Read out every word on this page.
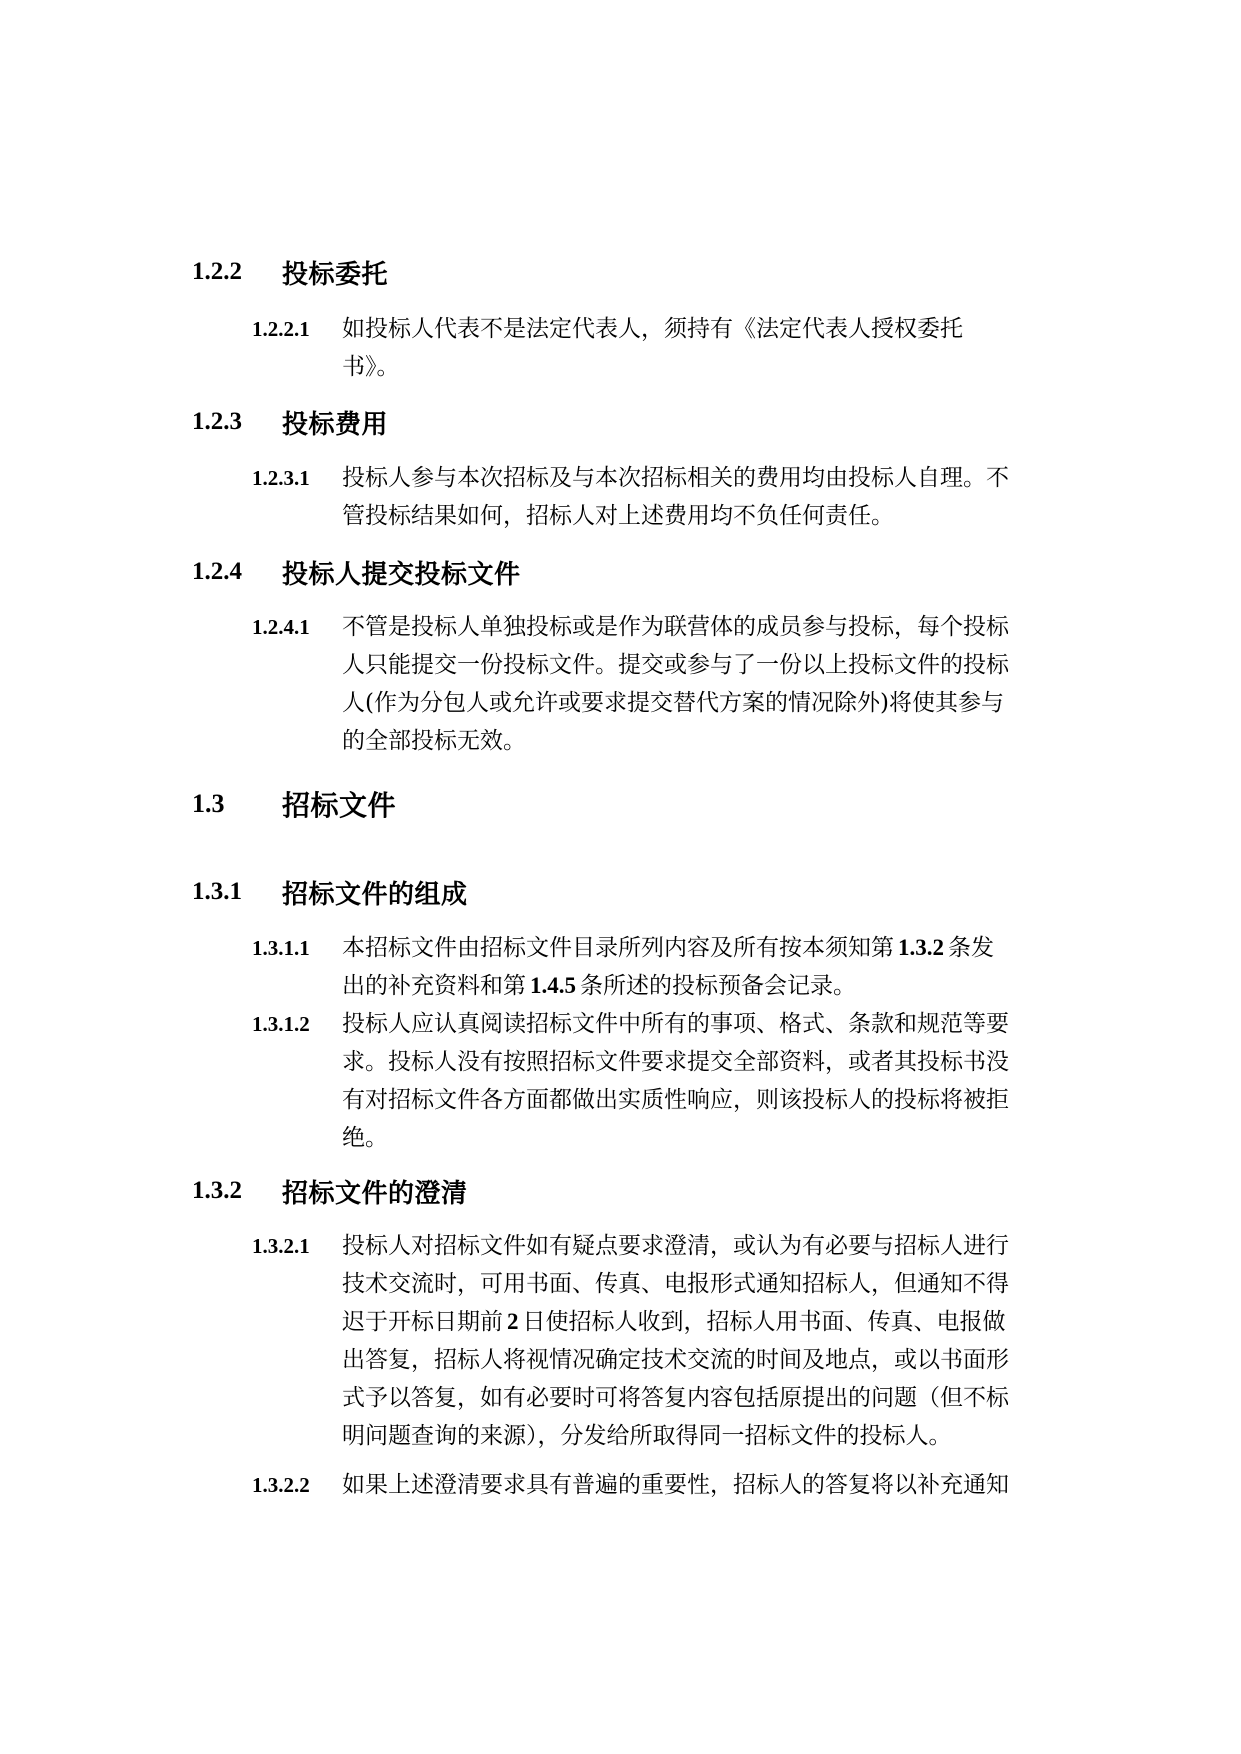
1.2.2	投标委托
1.2.2.1 如投标人代表不是法定代表人，须持有《法定代表人授权委托
书》。
1.2.3	投标费用
1.2.3.1 投标人参与本次招标及与本次招标相关的费用均由投标人自理。不
管投标结果如何，招标人对上述费用均不负任何责任。
1.2.4	投标人提交投标文件
1.2.4.1 不管是投标人单独投标或是作为联营体的成员参与投标，每个投标
人只能提交一份投标文件。提交或参与了一份以上投标文件的投标
人(作为分包人或允许或要求提交替代方案的情况除外)将使其参与
的全部投标无效。
1.3	招标文件
1.3.1	招标文件的组成
1.3.1.1 本招标文件由招标文件目录所列内容及所有按本须知第 1.3.2 条发
出的补充资料和第 1.4.5 条所述的投标预备会记录。
1.3.1.2 投标人应认真阅读招标文件中所有的事项、格式、条款和规范等要
求。投标人没有按照招标文件要求提交全部资料，或者其投标书没
有对招标文件各方面都做出实质性响应，则该投标人的投标将被拒
绝。
1.3.2	招标文件的澄清
1.3.2.1 投标人对招标文件如有疑点要求澄清，或认为有必要与招标人进行
技术交流时，可用书面、传真、电报形式通知招标人，但通知不得
迟于开标日期前 2 日使招标人收到，招标人用书面、传真、电报做
出答复，招标人将视情况确定技术交流的时间及地点，或以书面形
式予以答复，如有必要时可将答复内容包括原提出的问题（但不标
明问题查询的来源），分发给所取得同一招标文件的投标人。
1.3.2.2 如果上述澄清要求具有普遍的重要性，招标人的答复将以补充通知
